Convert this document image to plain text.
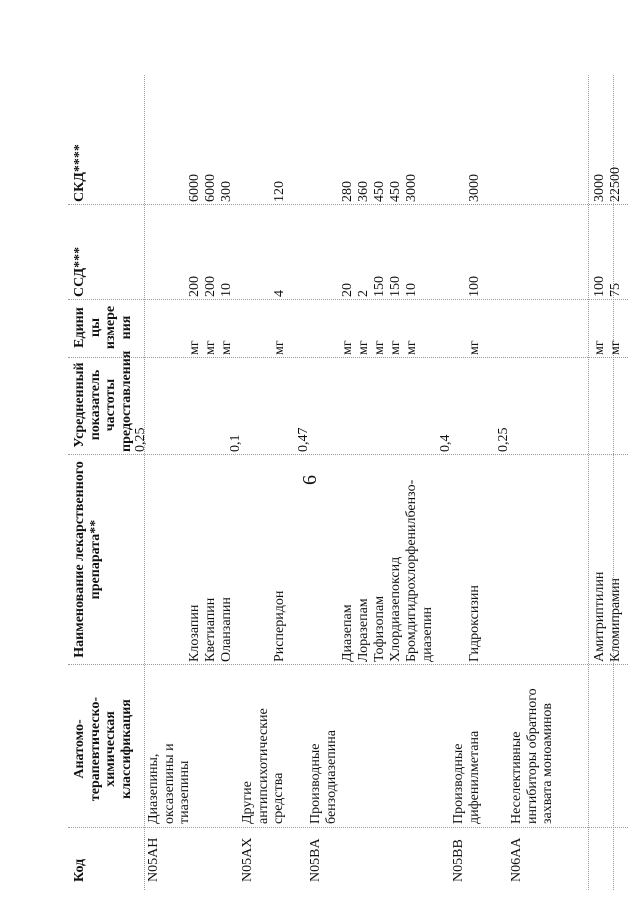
6
Код
Анатомо- терапевтическо- химическая классификация
Наименование лекарственного препарата**
Усредненный показатель частоты предоставления
Едини цы измере ния
ССД***
СКД****
N05AH
Диазепины, оксазепины и тиазепины
0,25
Клозапин
мг
200
6000
Кветиапин
мг
200
6000
Оланзапин
мг
10
300
N05AX
Другие антипсихотические средства
0,1
Рисперидон
мг
4
120
N05BA
Производные бензодиазепина
0,47
Диазепам
мг
20
280
Лоразепам
мг
2
360
Тофизопам
мг
150
450
Хлордиазепоксид
мг
150
450
Бромдигидрохлорфенилбензо- диазепин
мг
10
3000
N05BB
Производные дифенилметана
0,4
Гидроксизин
мг
100
3000
N06AA
Неселективные ингибиторы обратного захвата моноаминов
0,25
Амитриптилин
мг
100
3000
Кломипрамин
мг
75
22500
